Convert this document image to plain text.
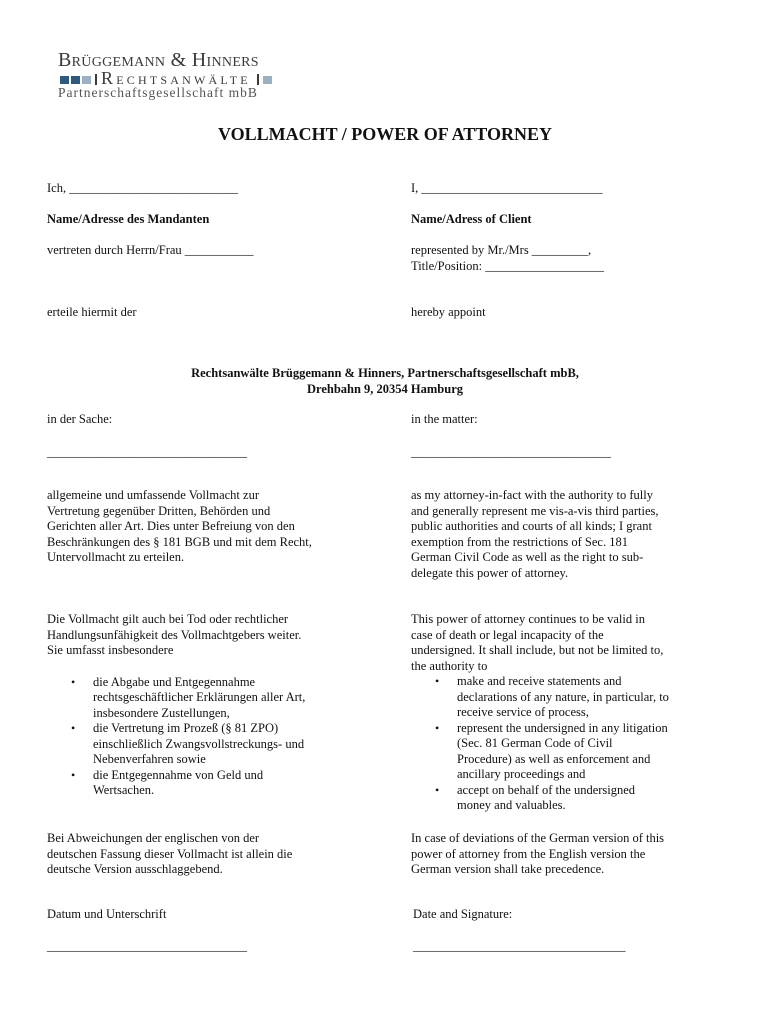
Brüggemann & Hinners
RECHTSANWÄLTE
Partnerschaftsgesellschaft mbB
VOLLMACHT / POWER OF ATTORNEY
Ich, ___________________________	I, _____________________________
Name/Adresse des Mandanten	Name/Adress of Client
vertreten durch Herrn/Frau ___________	represented by Mr./Mrs _________,
Title/Position: ___________________
erteile hiermit der	hereby appoint
Rechtsanwälte Brüggemann & Hinners, Partnerschaftsgesellschaft mbB,
Drehbahn 9, 20354 Hamburg
in der Sache:	in the matter:
________________________________	________________________________
allgemeine und umfassende Vollmacht zur
Vertretung gegenüber Dritten, Behörden und
Gerichten aller Art. Dies unter Befreiung von den
Beschränkungen des § 181 BGB und mit dem Recht,
Untervollmacht zu erteilen.
as my attorney-in-fact with the authority to fully
and generally represent me vis-a-vis third parties,
public authorities and courts of all kinds; I grant
exemption from the restrictions of Sec. 181
German Civil Code as well as the right to sub-
delegate this power of attorney.
Die Vollmacht gilt auch bei Tod oder rechtlicher
Handlungsunfähigkeit des Vollmachtgebers weiter.
Sie umfasst insbesondere
• die Abgabe und Entgegennahme
rechtsgeschäftlicher Erklärungen aller Art,
insbesondere Zustellungen,
• die Vertretung im Prozeß (§ 81 ZPO)
einschließlich Zwangsvollstreckungs- und
Nebenverfahren sowie
• die Entgegennahme von Geld und
Wertsachen.
This power of attorney continues to be valid in
case of death or legal incapacity of the
undersigned. It shall include, but not be limited to,
the authority to
• make and receive statements and
declarations of any nature, in particular, to
receive service of process,
• represent the undersigned in any litigation
(Sec. 81 German Code of Civil
Procedure) as well as enforcement and
ancillary proceedings and
• accept on behalf of the undersigned
money and valuables.
Bei Abweichungen der englischen von der
deutschen Fassung dieser Vollmacht ist allein die
deutsche Version ausschlaggebend.
In case of deviations of the German version of this
power of attorney from the English version the
German version shall take precedence.
Datum und Unterschrift	Date and Signature:
________________________________	__________________________________
